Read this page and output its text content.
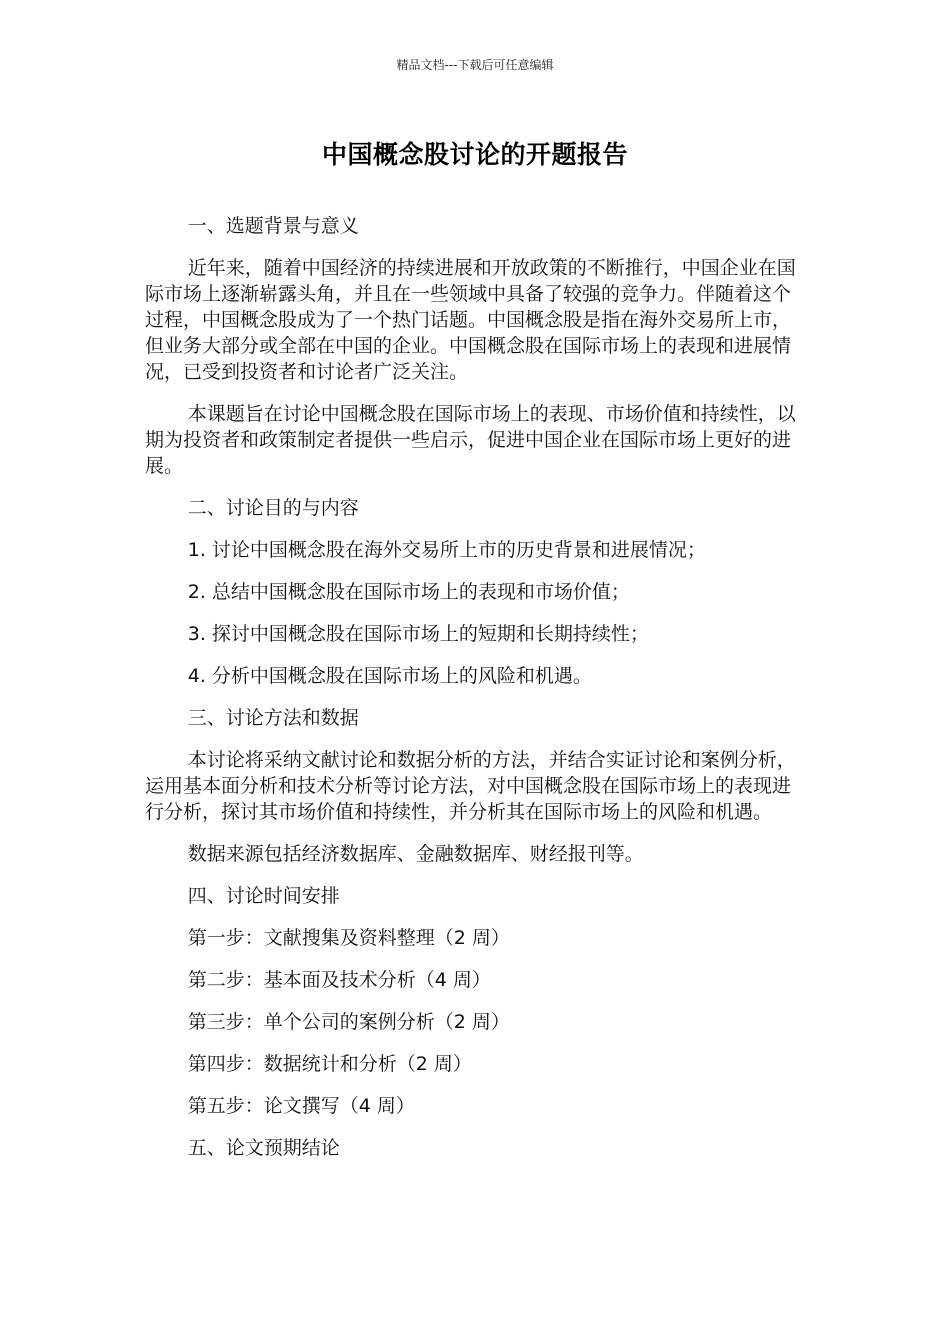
精品文档---下载后可任意编辑
中国概念股讨论的开题报告

一、选题背景与意义

近年来，随着中国经济的持续进展和开放政策的不断推行，中国企业在国际市场上逐渐崭露头角，并且在一些领域中具备了较强的竞争力。伴随着这个过程，中国概念股成为了一个热门话题。中国概念股是指在海外交易所上市，但业务大部分或全部在中国的企业。中国概念股在国际市场上的表现和进展情况，已受到投资者和讨论者广泛关注。

本课题旨在讨论中国概念股在国际市场上的表现、市场价值和持续性，以期为投资者和政策制定者提供一些启示，促进中国企业在国际市场上更好的进展。

二、讨论目的与内容

1. 讨论中国概念股在海外交易所上市的历史背景和进展情况；

2. 总结中国概念股在国际市场上的表现和市场价值；

3. 探讨中国概念股在国际市场上的短期和长期持续性；

4. 分析中国概念股在国际市场上的风险和机遇。

三、讨论方法和数据

本讨论将采纳文献讨论和数据分析的方法，并结合实证讨论和案例分析，运用基本面分析和技术分析等讨论方法，对中国概念股在国际市场上的表现进行分析，探讨其市场价值和持续性，并分析其在国际市场上的风险和机遇。

数据来源包括经济数据库、金融数据库、财经报刊等。

四、讨论时间安排

第一步：文献搜集及资料整理（2 周）

第二步：基本面及技术分析（4 周）

第三步：单个公司的案例分析（2 周）

第四步：数据统计和分析（2 周）

第五步：论文撰写（4 周）

五、论文预期结论
